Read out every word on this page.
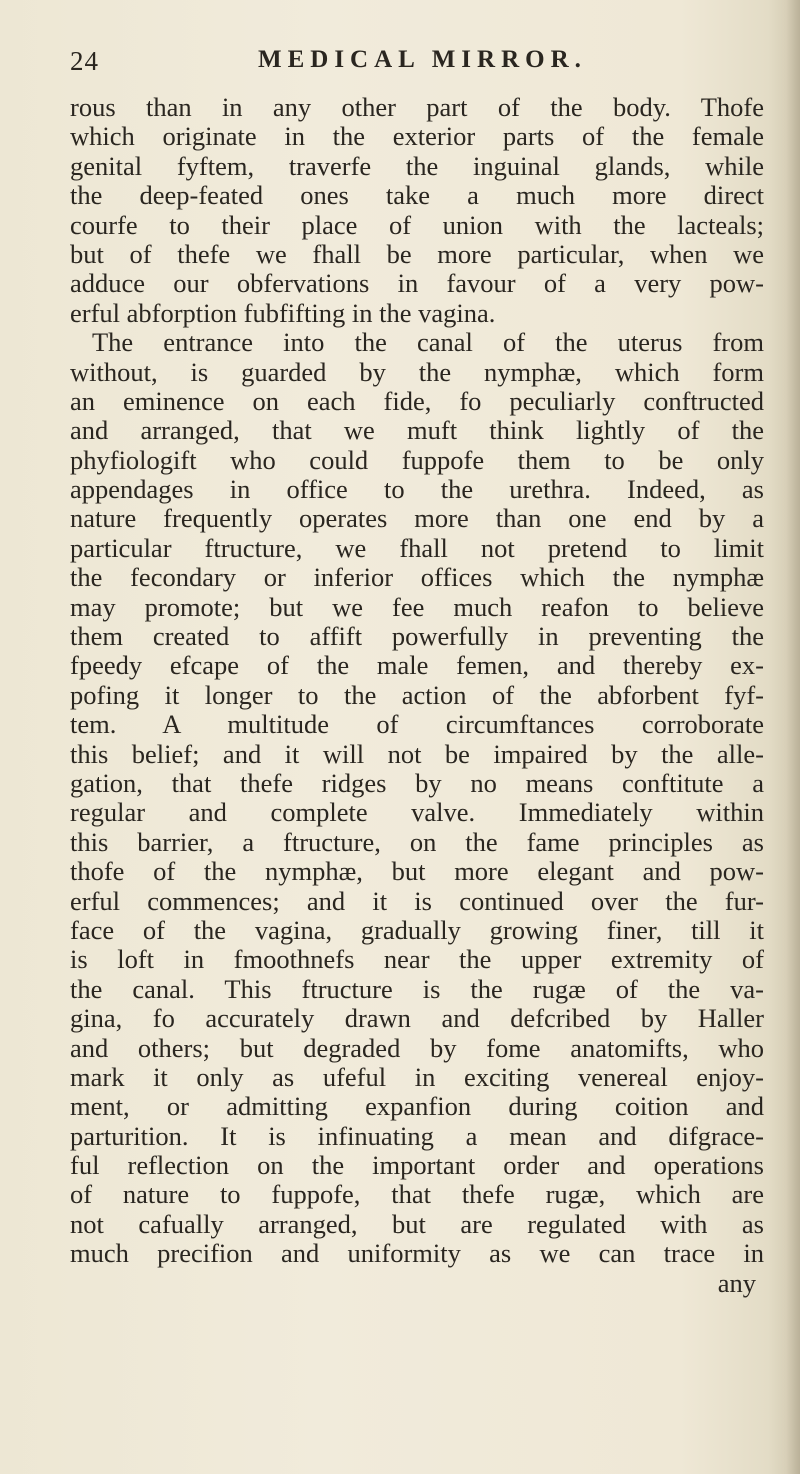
24	MEDICAL MIRROR.
rous than in any other part of the body. Thofe
which originate in the exterior parts of the female
genital fyftem, traverfe the inguinal glands, while
the deep-feated ones take a much more direct
courfe to their place of union with the lacteals;
but of thefe we fhall be more particular, when we
adduce our obfervations in favour of a very pow-
erful abforption fubfifting in the vagina.
The entrance into the canal of the uterus from
without, is guarded by the nymphæ, which form
an eminence on each fide, fo peculiarly conftructed
and arranged, that we muft think lightly of the
phyfiologift who could fuppofe them to be only
appendages in office to the urethra. Indeed, as
nature frequently operates more than one end by a
particular ftructure, we fhall not pretend to limit
the fecondary or inferior offices which the nymphæ
may promote; but we fee much reafon to believe
them created to affift powerfully in preventing the
fpeedy efcape of the male femen, and thereby ex-
pofing it longer to the action of the abforbent fyf-
tem. A multitude of circumftances corroborate
this belief; and it will not be impaired by the alle-
gation, that thefe ridges by no means conftitute a
regular and complete valve. Immediately within
this barrier, a ftructure, on the fame principles as
thofe of the nymphæ, but more elegant and pow-
erful commences; and it is continued over the fur-
face of the vagina, gradually growing finer, till it
is loft in fmoothnefs near the upper extremity of
the canal. This ftructure is the rugæ of the va-
gina, fo accurately drawn and defcribed by Haller
and others; but degraded by fome anatomifts, who
mark it only as ufeful in exciting venereal enjoy-
ment, or admitting expanfion during coition and
parturition. It is infinuating a mean and difgrace-
ful reflection on the important order and operations
of nature to fuppofe, that thefe rugæ, which are
not cafually arranged, but are regulated with as
much precifion and uniformity as we can trace in
any
